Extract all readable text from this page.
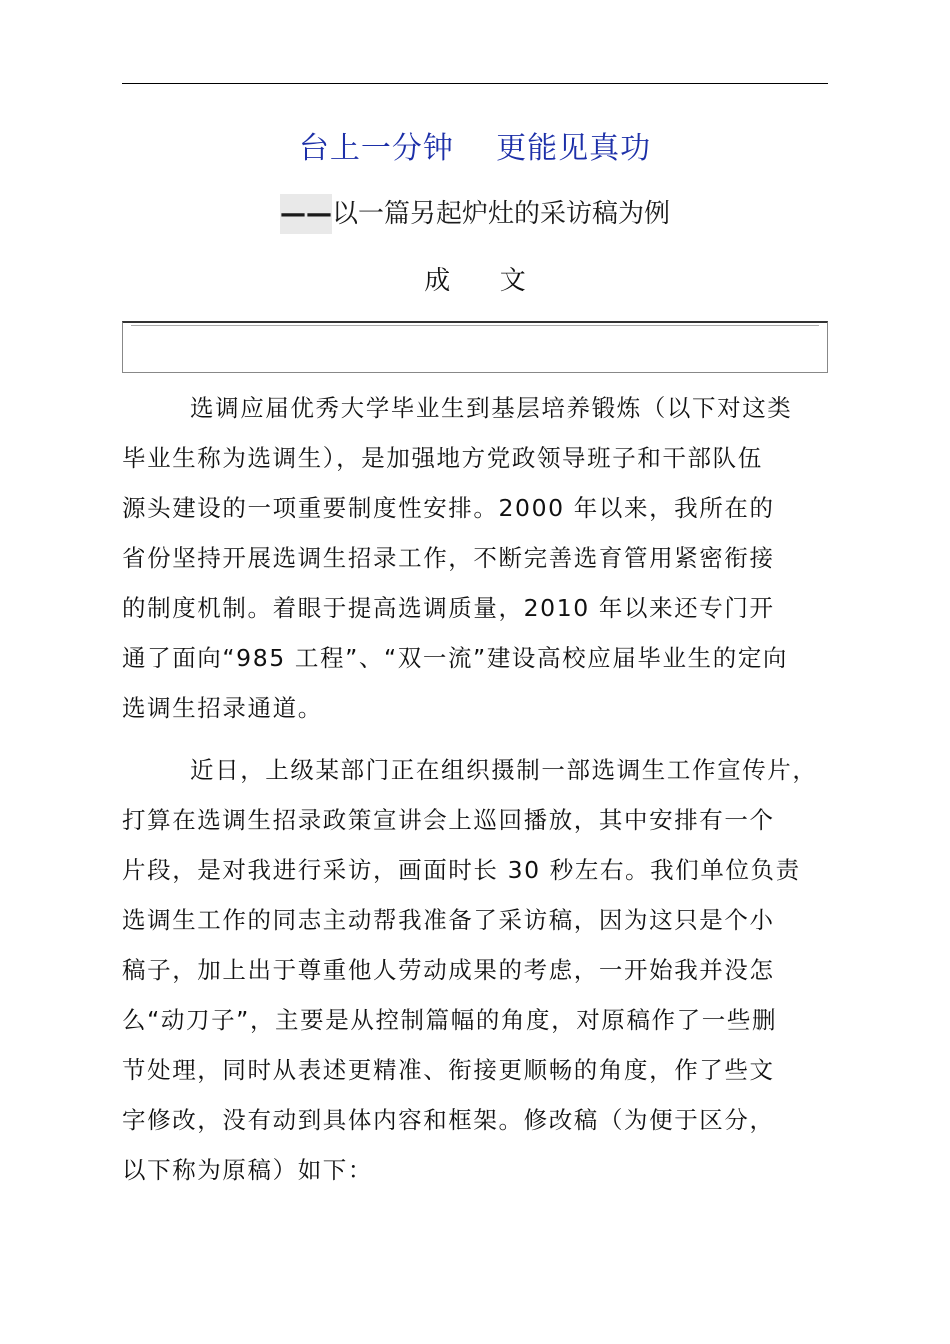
台上一分钟    更能见真功
——以一篇另起炉灶的采访稿为例
成      文
选调应届优秀大学毕业生到基层培养锻炼（以下对这类
毕业生称为选调生），是加强地方党政领导班子和干部队伍
源头建设的一项重要制度性安排。2000 年以来，我所在的
省份坚持开展选调生招录工作，不断完善选育管用紧密衔接
的制度机制。着眼于提高选调质量，2010 年以来还专门开
通了面向“985 工程”、“双一流”建设高校应届毕业生的定向
选调生招录通道。
近日，上级某部门正在组织摄制一部选调生工作宣传片，
打算在选调生招录政策宣讲会上巡回播放，其中安排有一个
片段，是对我进行采访，画面时长 30 秒左右。我们单位负责
选调生工作的同志主动帮我准备了采访稿，因为这只是个小
稿子，加上出于尊重他人劳动成果的考虑，一开始我并没怎
么“动刀子”，主要是从控制篇幅的角度，对原稿作了一些删
节处理，同时从表述更精准、衔接更顺畅的角度，作了些文
字修改，没有动到具体内容和框架。修改稿（为便于区分，
以下称为原稿）如下：
